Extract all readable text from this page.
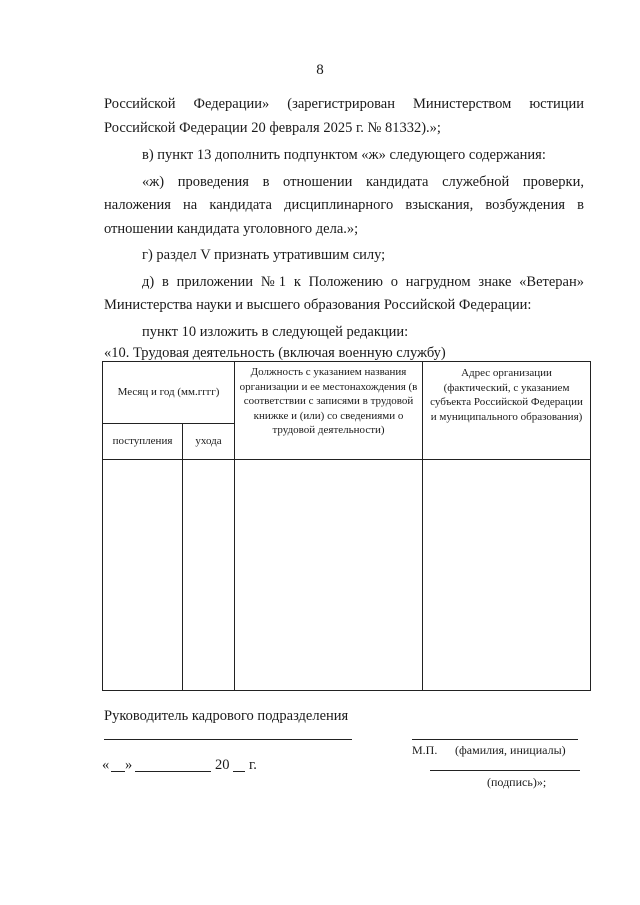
8

Российской Федерации» (зарегистрирован Министерством юстиции Российской Федерации 20 февраля 2025 г. № 81332).»;

в) пункт 13 дополнить подпунктом «ж» следующего содержания:

«ж) проведения в отношении кандидата служебной проверки, наложения на кандидата дисциплинарного взыскания, возбуждения в отношении кандидата уголовного дела.»;

г) раздел V признать утратившим силу;

д) в приложении №1 к Положению о нагрудном знаке «Ветеран» Министерства науки и высшего образования Российской Федерации:

пункт 10 изложить в следующей редакции:

«10. Трудовая деятельность (включая военную службу)
Месяц и год (мм.гггг)		Должность с указанием названия организации и ее местонахождения (в соответствии с записями в трудовой книжке и (или) со сведениями о трудовой деятельности)	Адрес организации (фактический, с указанием субъекта Российской Федерации и муниципального образования)
поступления	ухода		

Руководитель кадрового подразделения
М.П. (фамилия, инициалы)
« »	20 г.
(подпись)»;
